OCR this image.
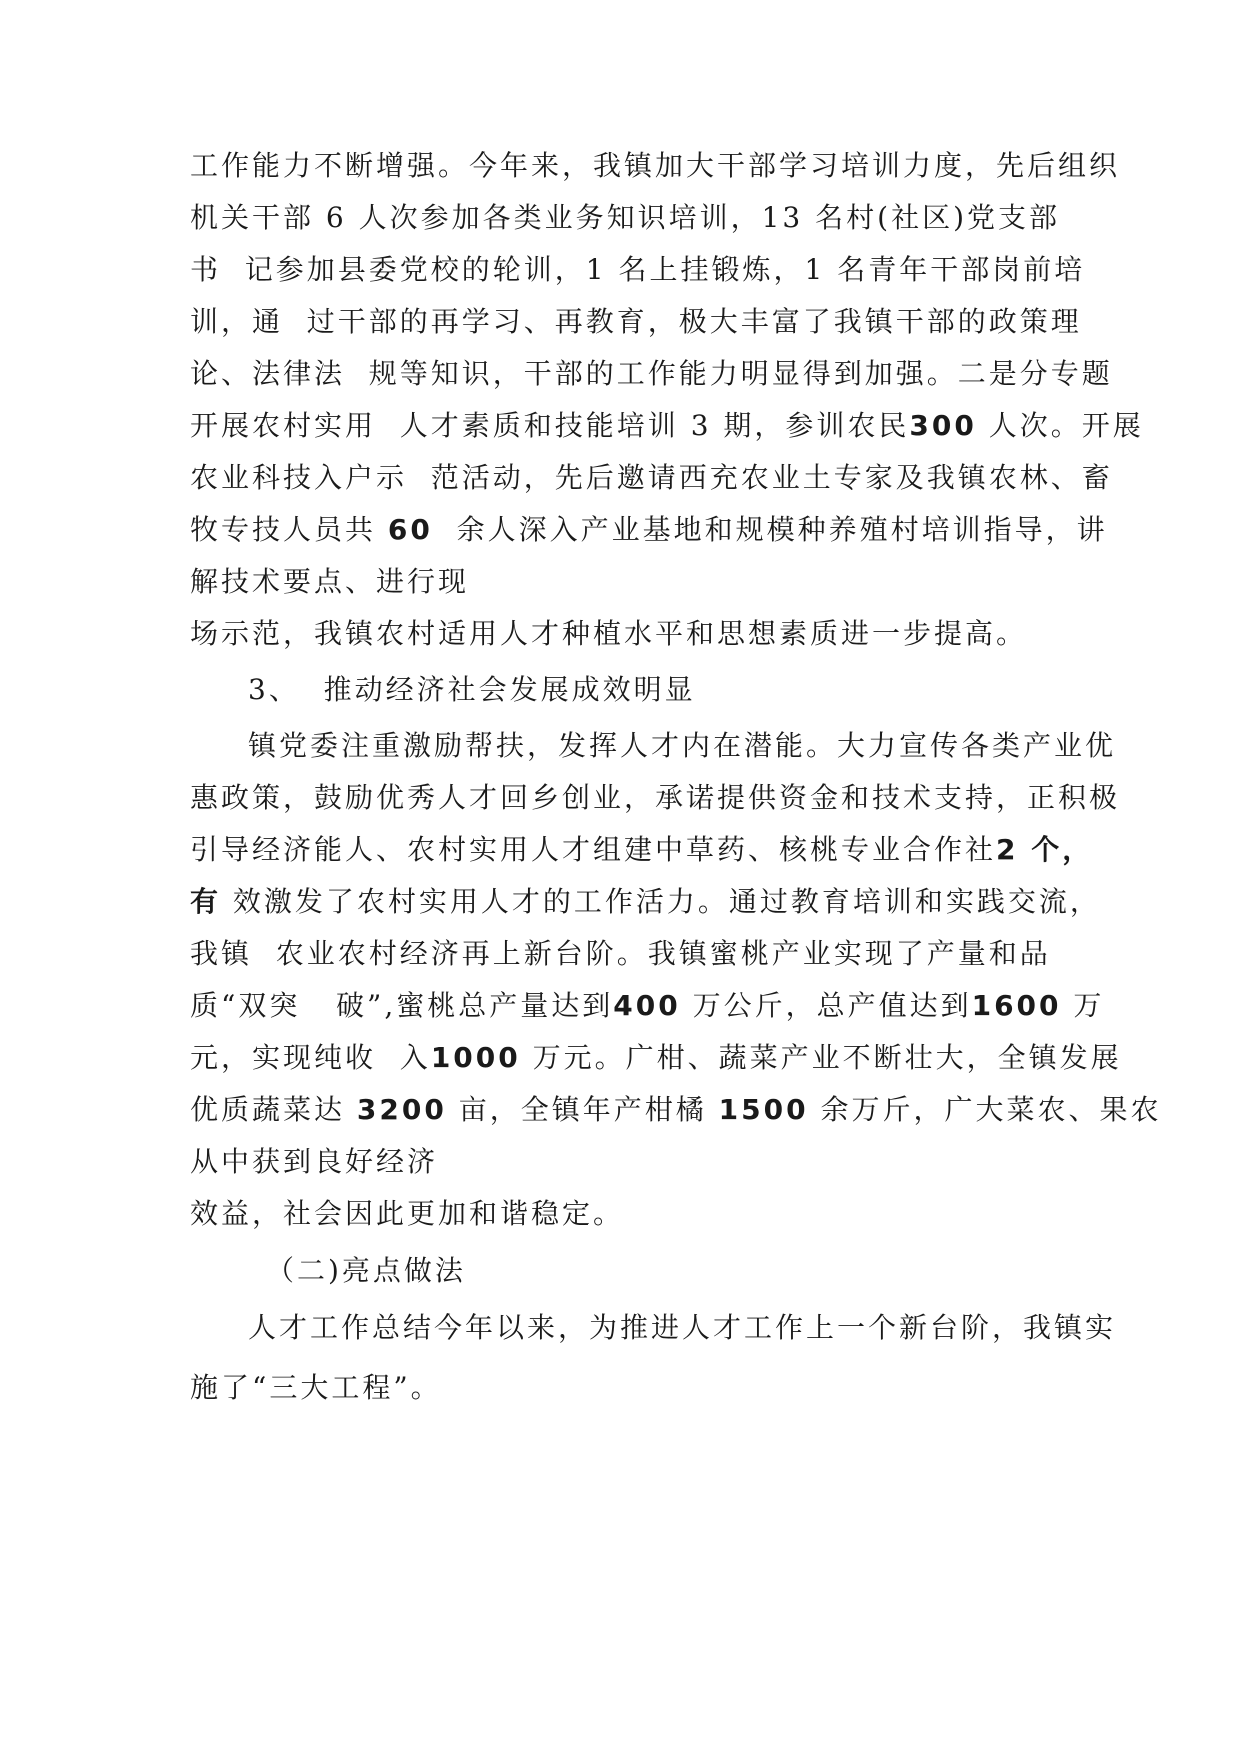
工作能力不断增强。今年来，我镇加大干部学习培训力度，先后组织
机关干部 6 人次参加各类业务知识培训，13 名村(社区)党支部
书  记参加县委党校的轮训，1 名上挂锻炼，1 名青年干部岗前培
训，通  过干部的再学习、再教育，极大丰富了我镇干部的政策理
论、法律法  规等知识，干部的工作能力明显得到加强。二是分专题
开展农村实用  人才素质和技能培训 3 期，参训农民300 人次。开展
农业科技入户示  范活动，先后邀请西充农业土专家及我镇农林、畜
牧专技人员共 60  余人深入产业基地和规模种养殖村培训指导，讲
解技术要点、进行现
场示范，我镇农村适用人才种植水平和思想素质进一步提高。
3、  推动经济社会发展成效明显
镇党委注重激励帮扶，发挥人才内在潜能。大力宣传各类产业优
惠政策，鼓励优秀人才回乡创业，承诺提供资金和技术支持，正积极
引导经济能人、农村实用人才组建中草药、核桃专业合作社2 个，
有 效激发了农村实用人才的工作活力。通过教育培训和实践交流，
我镇  农业农村经济再上新台阶。我镇蜜桃产业实现了产量和品
质“双突   破”,蜜桃总产量达到400 万公斤，总产值达到1600 万
元，实现纯收  入1000 万元。广柑、蔬菜产业不断壮大，全镇发展
优质蔬菜达 3200 亩，全镇年产柑橘 1500 余万斤，广大菜农、果农
从中获到良好经济
效益，社会因此更加和谐稳定。
（二)亮点做法
人才工作总结今年以来，为推进人才工作上一个新台阶，我镇实
施了“三大工程”。
